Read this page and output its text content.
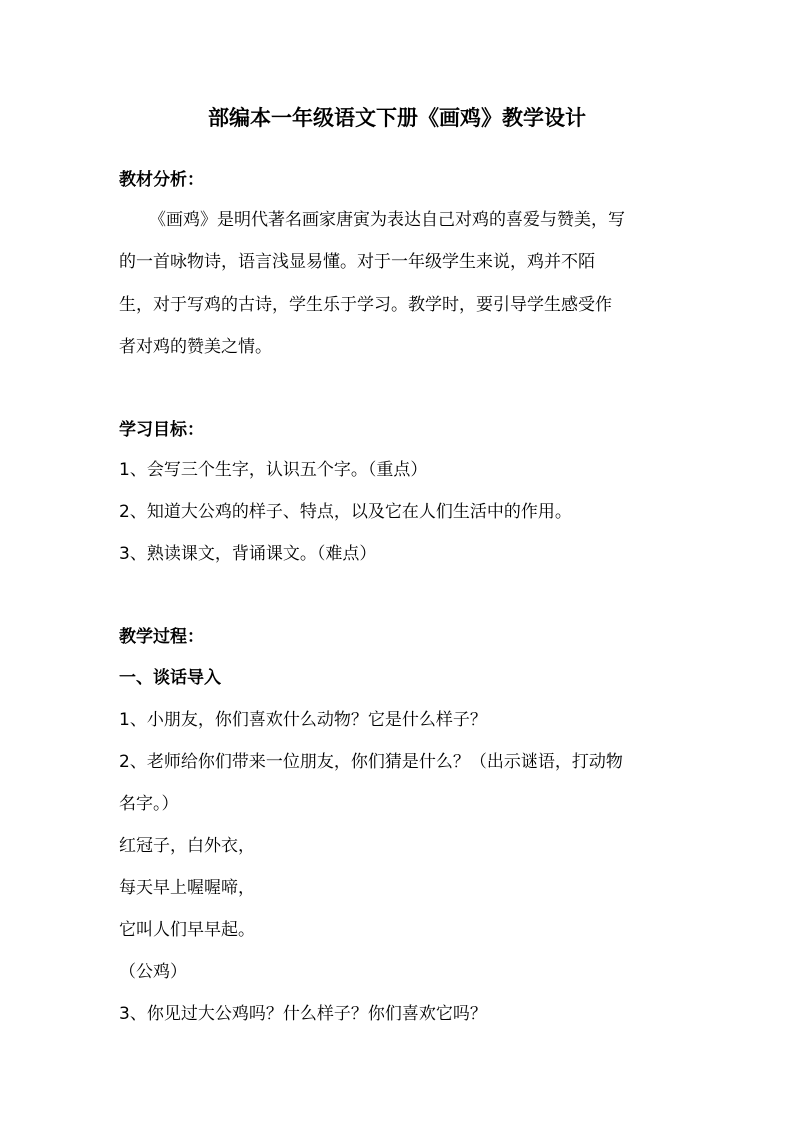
部编本一年级语文下册《画鸡》教学设计

教材分析：

《画鸡》是明代著名画家唐寅为表达自己对鸡的喜爱与赞美，写

的一首咏物诗，语言浅显易懂。对于一年级学生来说，鸡并不陌

生，对于写鸡的古诗，学生乐于学习。教学时，要引导学生感受作

者对鸡的赞美之情。

学习目标：

1、会写三个生字，认识五个字。（重点）

2、知道大公鸡的样子、特点，以及它在人们生活中的作用。

3、熟读课文，背诵课文。（难点）

教学过程：

一、谈话导入

1、小朋友，你们喜欢什么动物？它是什么样子？

2、老师给你们带来一位朋友，你们猜是什么？（出示谜语，打动物

名字。）

红冠子，白外衣，

每天早上喔喔啼，

它叫人们早早起。

（公鸡）

3、你见过大公鸡吗？什么样子？你们喜欢它吗？
